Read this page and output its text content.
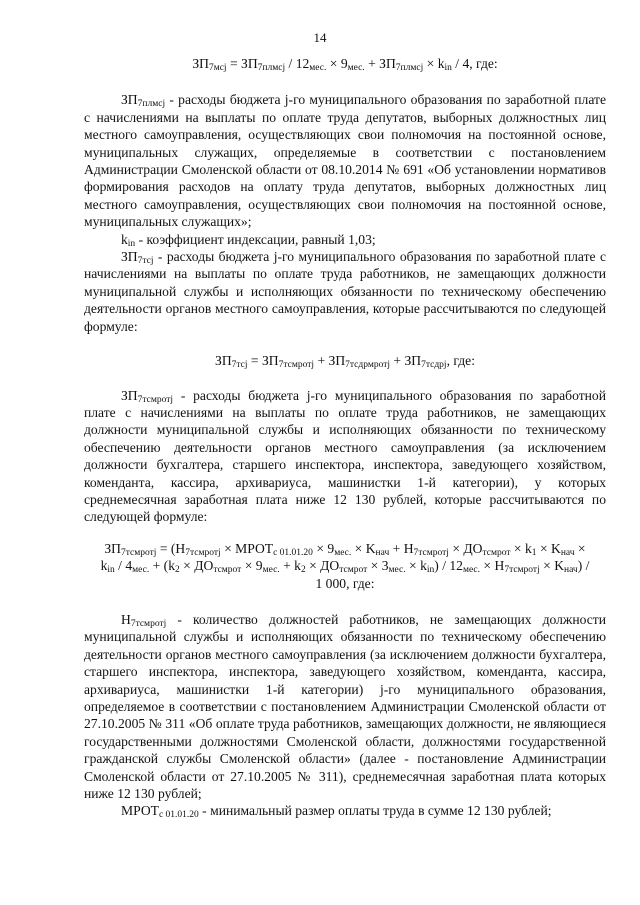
14
$ЗП_{7мсj} = ЗП_{7плмсj} / 12_{мес.} \times 9_{мес.} + ЗП_{7плмсj} \times k_{in} / 4$, где:

$ЗП_{7плмсj}$ - расходы бюджета j-го муниципального образования по заработной плате с начислениями на выплаты по оплате труда депутатов, выборных должностных лиц местного самоуправления, осуществляющих свои полномочия на постоянной основе, муниципальных служащих, определяемые в соответствии с постановлением Администрации Смоленской области от 08.10.2014 № 691 «Об установлении нормативов формирования расходов на оплату труда депутатов, выборных должностных лиц местного самоуправления, осуществляющих свои полномочия на постоянной основе, муниципальных служащих»;

$k_{in}$ - коэффициент индексации, равный 1,03;

$ЗП_{7тсj}$ - расходы бюджета j-го муниципального образования по заработной плате с начислениями на выплаты по оплате труда работников, не замещающих должности муниципальной службы и исполняющих обязанности по техническому обеспечению деятельности органов местного самоуправления, которые рассчитываются по следующей формуле:

$ЗП_{7тсj} = ЗП_{7тсмротj} + ЗП_{7тсдрмротj} + ЗП_{7тсдрj}$, где:

$ЗП_{7тсмротj}$ - расходы бюджета j-го муниципального образования по заработной плате с начислениями на выплаты по оплате труда работников, не замещающих должности муниципальной службы и исполняющих обязанности по техническому обеспечению деятельности органов местного самоуправления (за исключением должности бухгалтера, старшего инспектора, инспектора, заведующего хозяйством, коменданта, кассира, архивариуса, машинистки 1-й категории), у которых среднемесячная заработная плата ниже 12 130 рублей, которые рассчитываются по следующей формуле:

$ЗП_{7тсмротj} = (Н_{7тсмротj}$ × $МРОТ_{с 01.01.20} \times 9_{мес.} \times K_{нач} + Н_{7тсмротj} \times ДО_{тсмрот} \times k_1 \times K_{нач}$ ×
$k_{in} / 4_{мес.} + (k_2 \times ДО_{тсмрот} \times 9_{мес.} + k_2 \times ДО_{тсмрот} \times 3_{мес.} \times k_{in}) / 12_{мес.} \times Н_{7тсмротj} \times K_{нач}$) /
1 000, где:

$Н_{7тсмротj}$ - количество должностей работников, не замещающих должности муниципальной службы и исполняющих обязанности по техническому обеспечению деятельности органов местного самоуправления (за исключением должности бухгалтера, старшего инспектора, инспектора, заведующего хозяйством, коменданта, кассира, архивариуса, машинистки 1-й категории) j-го муниципального образования, определяемое в соответствии с постановлением Администрации Смоленской области от 27.10.2005 № 311 «Об оплате труда работников, замещающих должности, не являющиеся государственными должностями Смоленской области, должностями государственной гражданской службы Смоленской области» (далее - постановление Администрации Смоленской области от 27.10.2005 № 311), среднемесячная заработная плата которых ниже 12 130 рублей;

$МРОТ_{с 01.01.20}$ - минимальный размер оплаты труда в сумме 12 130 рублей;
